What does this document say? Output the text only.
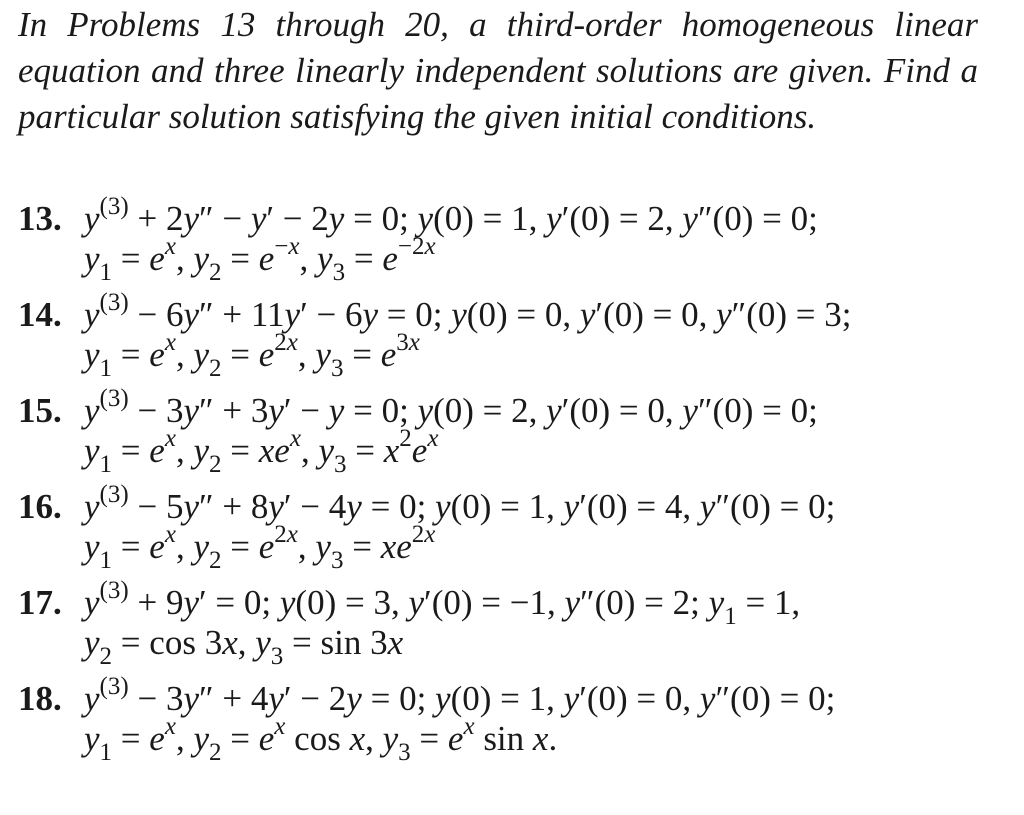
In Problems 13 through 20, a third-order homogeneous linear equation and three linearly independent solutions are given. Find a particular solution satisfying the given initial conditions.

13. $y^{(3)} + 2y'' - y' - 2y = 0$; y(0) = 1, y′(0) = 2, y″(0) = 0;
$y_1 = e^x$, $y_2 = e^{-x}$, $y_3 = e^{-2x}$
14. $y^{(3)} - 6y'' + 11y' - 6y = 0$; y(0) = 0, y′(0) = 0, y″(0) = 3;
$y_1 = e^x$, $y_2 = e^{2x}$, $y_3 = e^{3x}$
15. $y^{(3)} - 3y'' + 3y' - y = 0$; y(0) = 2, y′(0) = 0, y″(0) = 0;
$y_1 = e^x$, $y_2 = xe^x$, $y_3 = x^2e^x$
16. $y^{(3)} - 5y'' + 8y' - 4y = 0$; y(0) = 1, y′(0) = 4, y″(0) = 0;
$y_1 = e^x$, $y_2 = e^{2x}$, $y_3 = xe^{2x}$
17. $y^{(3)} + 9y' = 0$; y(0) = 3, y′(0) = −1, y″(0) = 2; $y_1 = 1$,
$y_2 = \cos 3x$, $y_3 = \sin 3x$
18. $y^{(3)} - 3y'' + 4y' - 2y = 0$; y(0) = 1, y′(0) = 0, y″(0) = 0;
$y_1 = e^x$, $y_2 = e^x$ cos x, $y_3 = e^x$ sin x.
